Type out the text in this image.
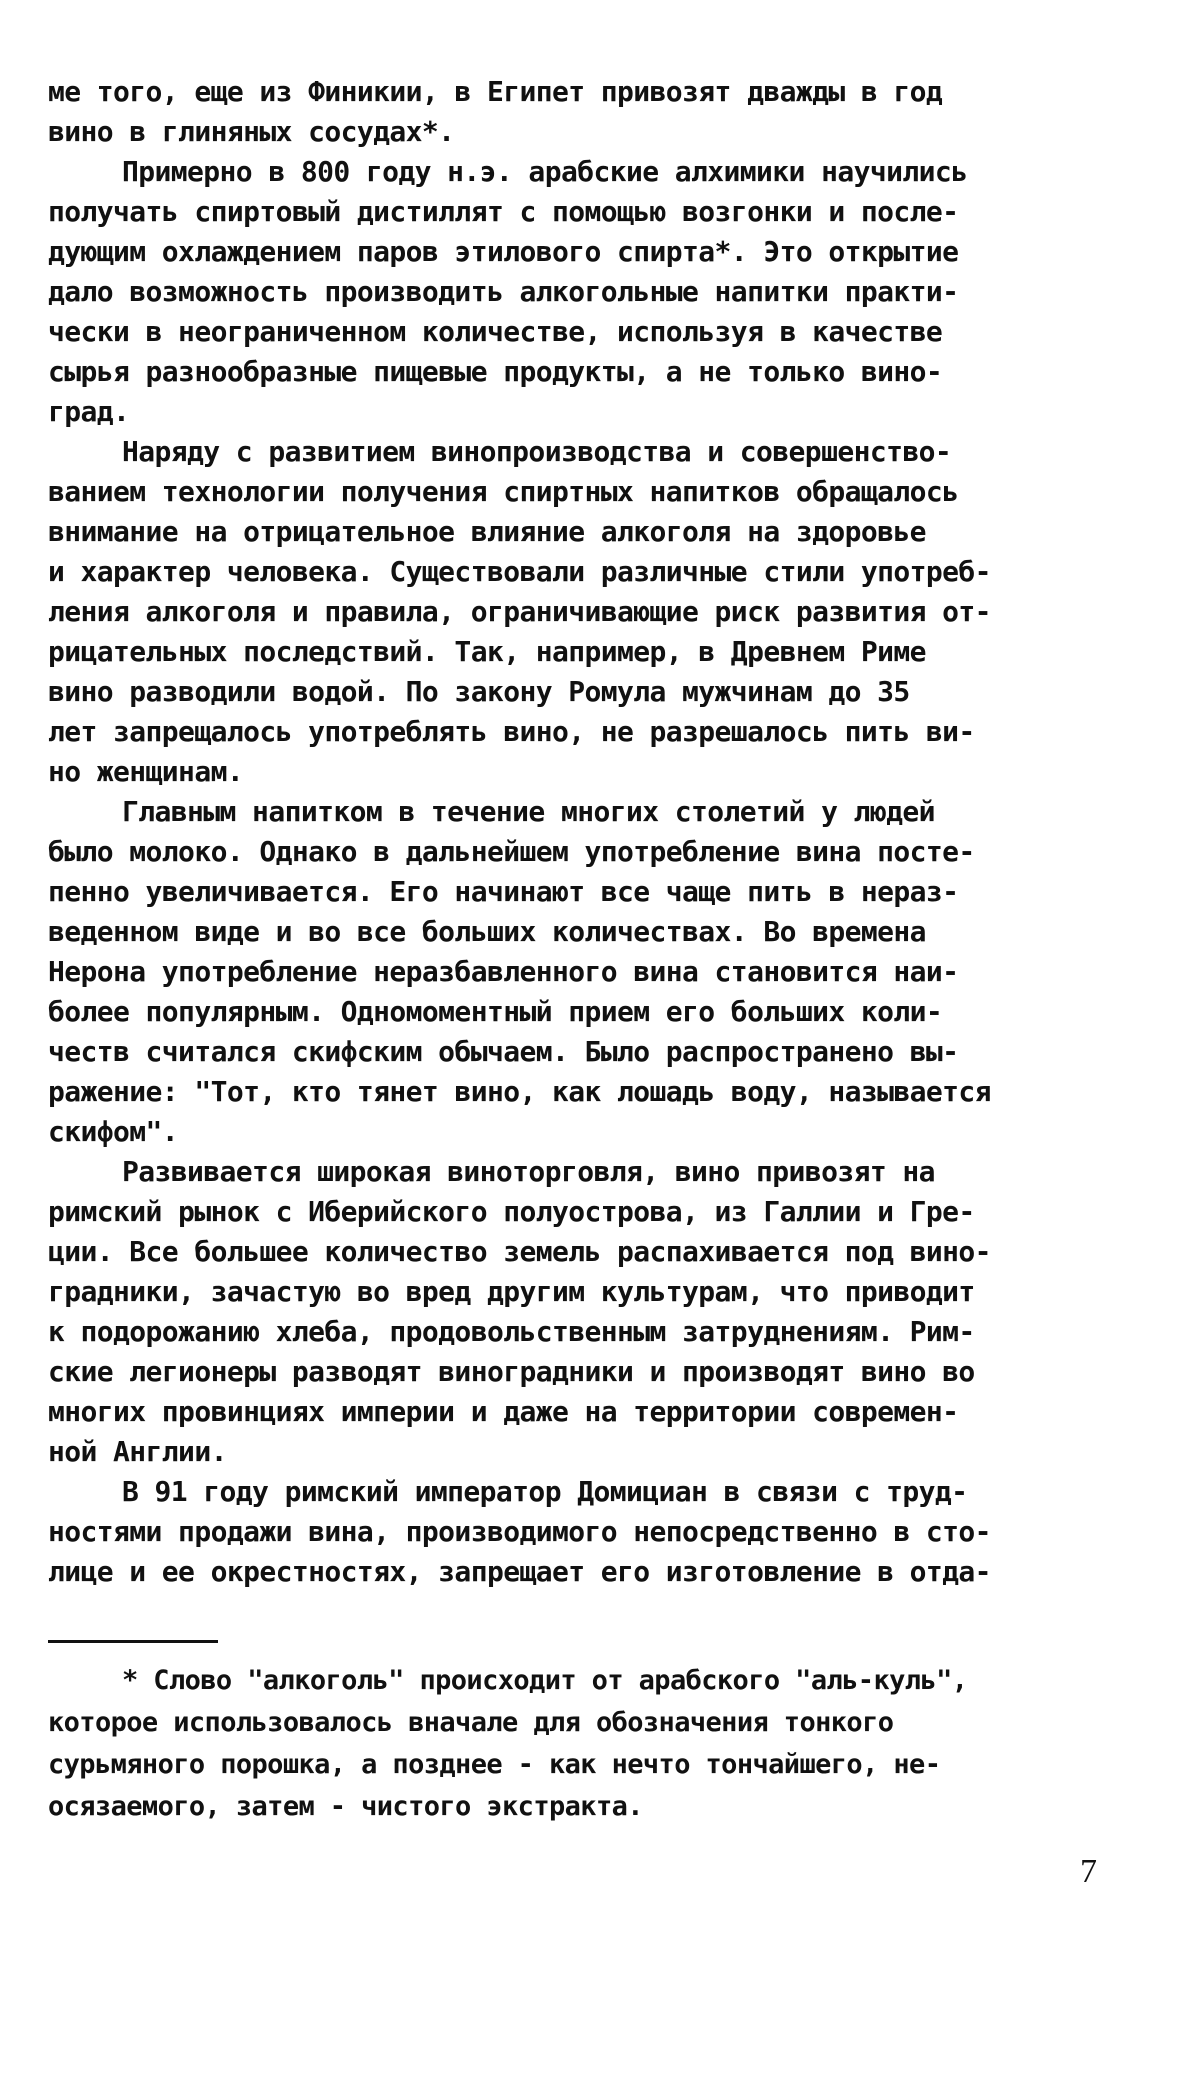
ме того, еще из Финикии, в Египет привозят дважды в год
вино в глиняных сосудах*.
Примерно в 800 году н.э. арабские алхимики научились
получать спиртовый дистиллят с помощью возгонки и после-
дующим охлаждением паров этилового спирта*. Это открытие
дало возможность производить алкогольные напитки практи-
чески в неограниченном количестве, используя в качестве
сырья разнообразные пищевые продукты, а не только вино-
град.
Наряду с развитием винопроизводства и совершенство-
ванием технологии получения спиртных напитков обращалось
внимание на отрицательное влияние алкоголя на здоровье
и характер человека. Существовали различные стили употреб-
ления алкоголя и правила, ограничивающие риск развития от-
рицательных последствий. Так, например, в Древнем Риме
вино разводили водой. По закону Ромула мужчинам до 35
лет запрещалось употреблять вино, не разрешалось пить ви-
но женщинам.
Главным напитком в течение многих столетий у людей
было молоко. Однако в дальнейшем употребление вина посте-
пенно увеличивается. Его начинают все чаще пить в нераз-
веденном виде и во все больших количествах. Во времена
Нерона употребление неразбавленного вина становится наи-
более популярным. Одномоментный прием его больших коли-
честв считался скифским обычаем. Было распространено вы-
ражение: "Тот, кто тянет вино, как лошадь воду, называется
скифом".
Развивается широкая виноторговля, вино привозят на
римский рынок с Иберийского полуострова, из Галлии и Гре-
ции. Все большее количество земель распахивается под вино-
градники, зачастую во вред другим культурам, что приводит
к подорожанию хлеба, продовольственным затруднениям. Рим-
ские легионеры разводят виноградники и производят вино во
многих провинциях империи и даже на территории современ-
ной Англии.
В 91 году римский император Домициан в связи с труд-
ностями продажи вина, производимого непосредственно в сто-
лице и ее окрестностях, запрещает его изготовление в отда-
* Слово "алкоголь" происходит от арабского "аль-куль",
которое использовалось вначале для обозначения тонкого
сурьмяного порошка, а позднее - как нечто тончайшего, не-
осязаемого, затем - чистого экстракта.
7
